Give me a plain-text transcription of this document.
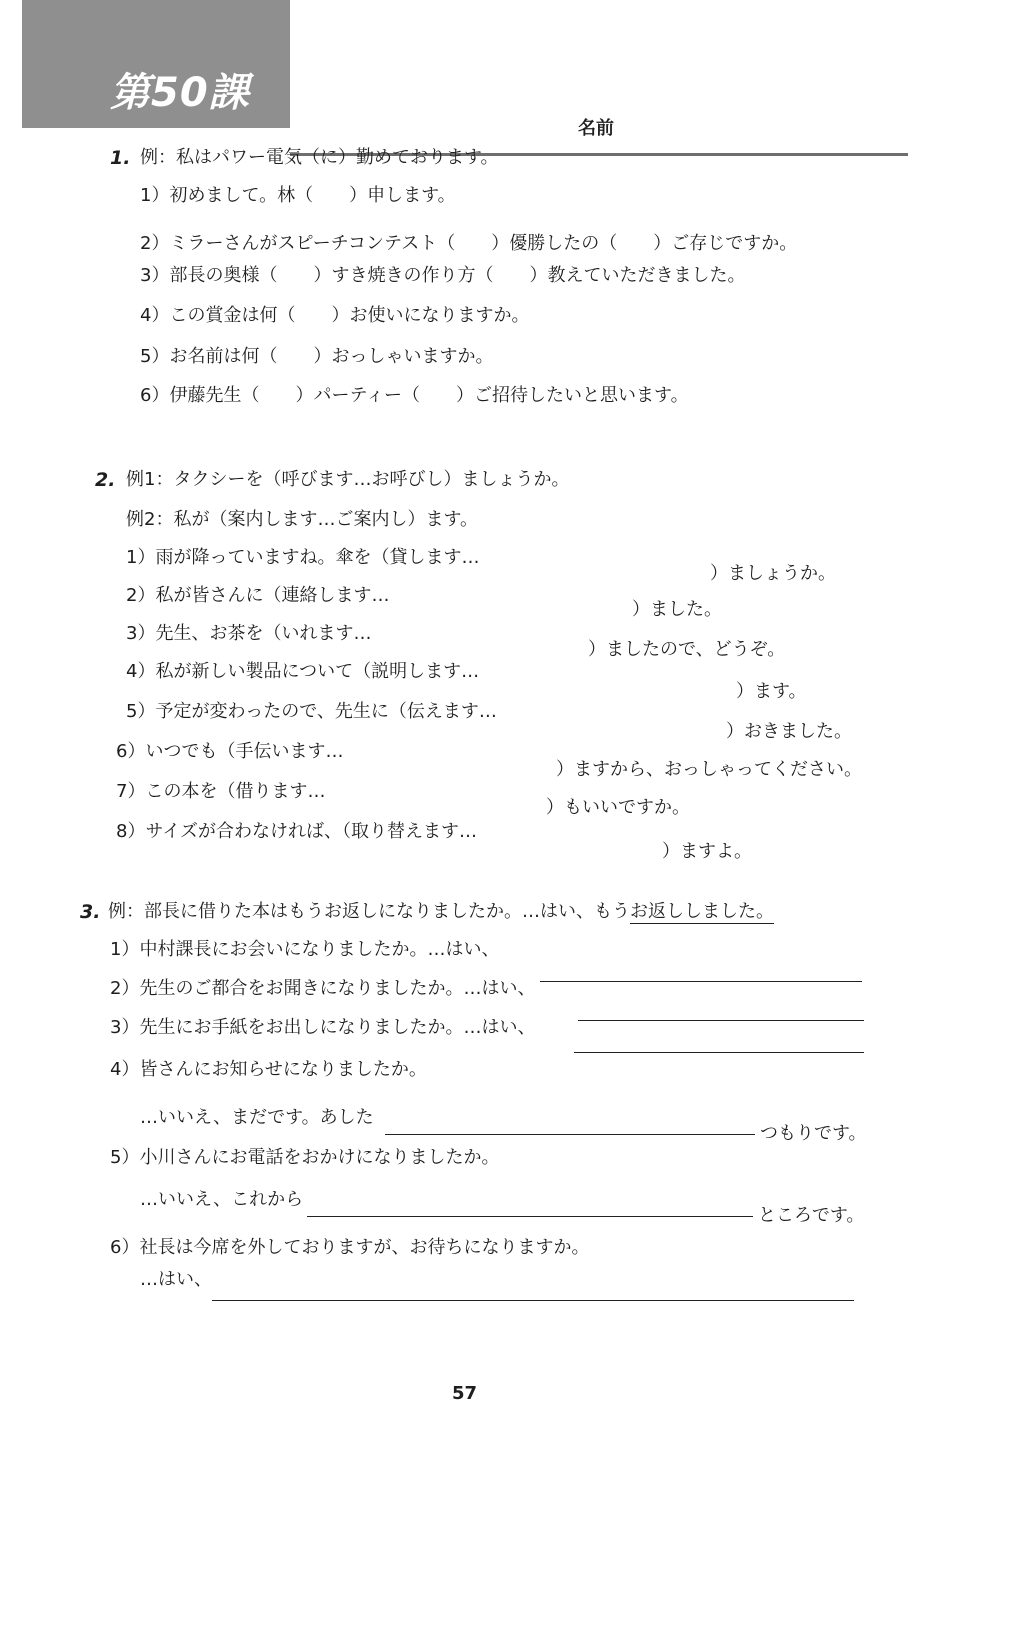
第50課
名前
1. 例：私はパワー電気（に）勤めております。
1）初めまして。林（　　）申します。
2）ミラーさんがスピーチコンテスト（　　）優勝したの（　　）ご存じですか。
3）部長の奥様（　　）すき焼きの作り方（　　）教えていただきました。
4）この賞金は何（　　）お使いになりますか。
5）お名前は何（　　）おっしゃいますか。
6）伊藤先生（　　）パーティー（　　）ご招待したいと思います。
2. 例1：タクシーを（呼びます…お呼びし）ましょうか。
例2：私が（案内します…ご案内し）ます。
1）雨が降っていますね。傘を（貸します…
）ましょうか。
2）私が皆さんに（連絡します…
）ました。
3）先生、お茶を（いれます…
）ましたので、どうぞ。
4）私が新しい製品について（説明します…
）ます。
5）予定が変わったので、先生に（伝えます…
）おきました。
6）いつでも（手伝います…
）ますから、おっしゃってください。
7）この本を（借ります…
）もいいですか。
8）サイズが合わなければ、（取り替えます…
）ますよ。
3. 例：部長に借りた本はもうお返しになりましたか。…はい、もうお返ししました。
1）中村課長にお会いになりましたか。…はい、
2）先生のご都合をお聞きになりましたか。…はい、
3）先生にお手紙をお出しになりましたか。…はい、
4）皆さんにお知らせになりましたか。
…いいえ、まだです。あした
つもりです。
5）小川さんにお電話をおかけになりましたか。
…いいえ、これから
ところです。
6）社長は今席を外しておりますが、お待ちになりますか。
…はい、
57
